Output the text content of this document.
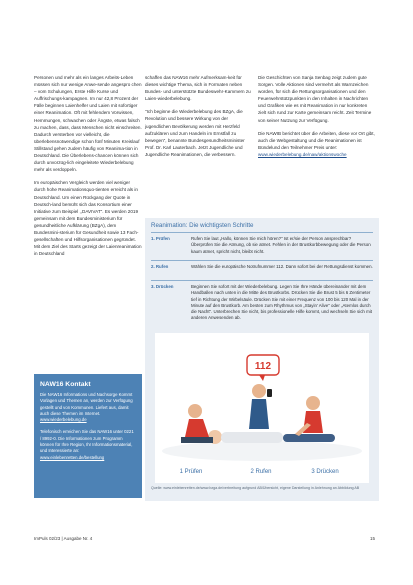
Personen und mehr als ein langes Arbeits-Leben müssen sich nur wenige Anwe-sende angespro chen – vom Schulungen, Erste Hilfe Kurse und Auffrischungs-kampagnen. Im nur 42,8 Prozent der Fälle beginnen Laienhelfer und Laien mit sofortiger einer Reanimation. Oft mit fehlendem Vorwissen, Hemmungen, schwachen oder Ängste, etwas falsch zu machen, dass, dass Menschen nicht einschreiten. Dadurch versterben vor vielleicht, die überlebensnotwendige schon fünf Minuten Kreislauf Stillstand gehen zudem häufig von Reanima-tion in Deutschland. Die Überlebens-chancen können sich durch unvorzüg-lich eingeleitete Wiederbelebung mehr als verdoppeln.

Im europäischen Vergleich werden viel weniger durch hohe Reanimationsquo-tienten erreicht als in Deutschland. Um einen Rückgang der Quote in Deutsch-land bemüht sich das Konsortium einer Initiative zum Beispiel ,,DAVIVAT". Es werden 2019 gemeinsam mit dem Bundesministerium für gesundheitliche Aufklärung (BZgA), dem Bundesmini-sterium für Gesundheit sowie 13 Fach-gesellschaften und Hilfsorganisationen gegründet. Mit dem Ziel des Starts gezeigt der Laienreanimation in Deutschland

schaffen das NAW16 mehr Aufmerksam-keit für dieses wichtige Thema, sich in Formaten neben Bundes- und unterstützte Bundeswehr-Kammern zu Laien-wiederbelebung.

"Ich beginne die Wiederbelebung des BZgA, die Revolution und bessere Wirkung von der jugendlichen Bevölkerung werden mit Herzfeld aufzuklären und zum Handeln im Ernstfall zu bewegen", benannte Bundesgesundheitsminister Prof. Dr. Karl Lauterbach. Jetzt Jugendliche und Jugendliche Reanimationen, die verbessern.

Die Geschichten von Sanja Senbag zeigt zudem gute Sorgen. Volle Aktionen sind vermehrt als Warnzeichen worden, für sich die Rettungsorganisationen und den Feuerwehrstützpunkten in den Inhalten in Nachrichten und Grafiken wie es mit Reanimation in nur konkreten zielt sich rund zur Karte gemeinsam reicht. Zeit Termine von seiner Nutzung zur Verfügung.

Die NAWIB berichtet über die Arbeiten, diese vor Ort gibt, auch die Webgestaltung und die Reanimationen ist Bündelund den Teilnehmer Preis unter: www.wiederbelebung.de/naw/aktionswoche

NAW16 Kontakt

Die NAW16 Informations und Nachsorge Kommt Vorlagen und Themen an, werden zur Verfügung gestellt und von Kommunen. Liefert aus, damit auch diese Themen im Internet. www.wiederbelebung.de

Telefonisch erreichen Sie das NAW16 unter 0221 / 8992-0. Die Informationen zum Programm können für Ihre Region, Ihr Informationsmaterial, und Interessierte an: www.einlebenretten.de/bestellung

Reanimation: Die wichtigsten Schritte
1. Prüfen	Rufen Sie laut „Hallo, können Sie mich hören?" Ist er/sie der Person ansprechbar? Überprüfen Sie die Atmung, ob sie atmet. Fehlen in der Brustkorbbewegung oder die Person kaum atmet, spricht nicht, bleibt nicht.
2. Rufen	Wählen Sie die europäische Notrufnummer 112. Dann sofort bei der Rettungsdienst kommen.
3. Drücken	Beginnen Sie sofort mit der Wiederbelebung. Legen Sie Ihre Hände übereinander mit dem Handballen nach unten in die Mitte des Brustkorbs. Drücken Sie die Brust 5 bis 6 Zentimeter tief in Richtung der Wirbelsäule. Drücken Sie mit einer Frequenz von 100 bis 120 Mal in der Minute auf den Brustkorb. Am besten zum Rhythmus von „Stayin' Alive" oder „Atemlos durch die Nacht". Unterbrechen Sie nicht, bis professionelle Hilfe kommt, und wechseln Sie sich mit anderen Anwesenden ab.
112
1 Prüfen	2 Rufen	3 Drücken
Quelle: www.einlebenretten.de/www.bzga.de/verbreitung aufgrund AB/Übersicht, eigene Darstellung in Anlehnung an Abbildung AB
ImPuls 02/23 | Ausgabe Nr. 4	15
